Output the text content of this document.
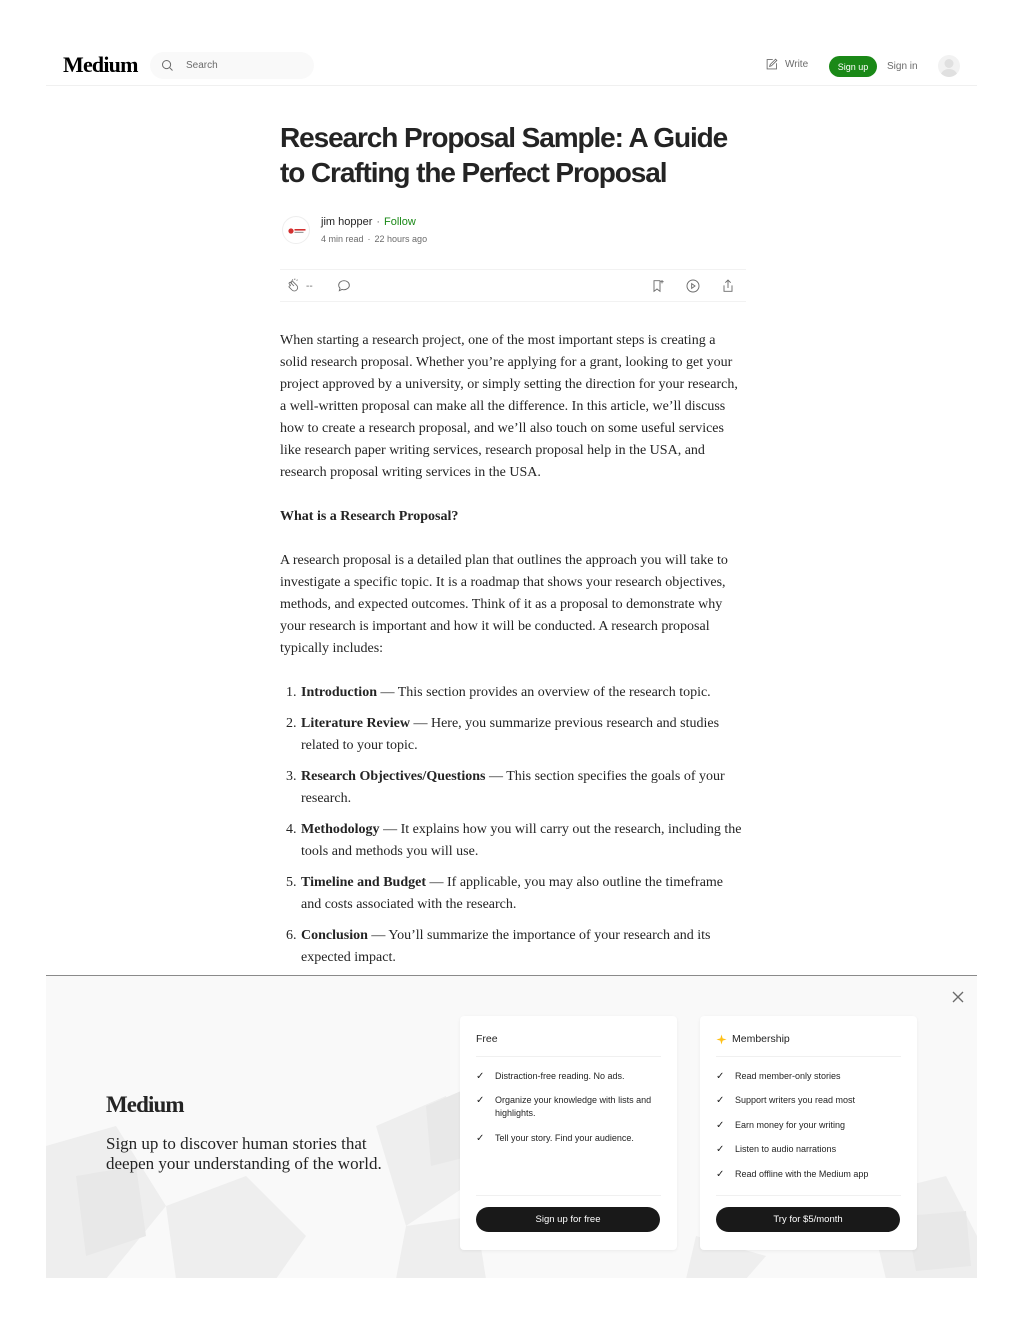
Medium
Search	Write	Sign up	Sign in
Research Proposal Sample: A Guide to Crafting the Perfect Proposal
jim hopper · Follow
4 min read · 22 hours ago
--

When starting a research project, one of the most important steps is creating a solid research proposal. Whether you’re applying for a grant, looking to get your project approved by a university, or simply setting the direction for your research, a well-written proposal can make all the difference. In this article, we’ll discuss how to create a research proposal, and we’ll also touch on some useful services like research paper writing services, research proposal help in the USA, and research proposal writing services in the USA.

What is a Research Proposal?

A research proposal is a detailed plan that outlines the approach you will take to investigate a specific topic. It is a roadmap that shows your research objectives, methods, and expected outcomes. Think of it as a proposal to demonstrate why your research is important and how it will be conducted. A research proposal typically includes:

1. Introduction — This section provides an overview of the research topic.
2. Literature Review — Here, you summarize previous research and studies related to your topic.
3. Research Objectives/Questions — This section specifies the goals of your research.
4. Methodology — It explains how you will carry out the research, including the tools and methods you will use.
5. Timeline and Budget — If applicable, you may also outline the timeframe and costs associated with the research.
6. Conclusion — You’ll summarize the importance of your research and its expected impact.
Medium
Sign up to discover human stories that deepen your understanding of the world.
Free
✓ Distraction-free reading. No ads.
✓ Organize your knowledge with lists and highlights.
✓ Tell your story. Find your audience.
Sign up for free
Membership
✓ Read member-only stories
✓ Support writers you read most
✓ Earn money for your writing
✓ Listen to audio narrations
✓ Read offline with the Medium app
Try for $5/month
